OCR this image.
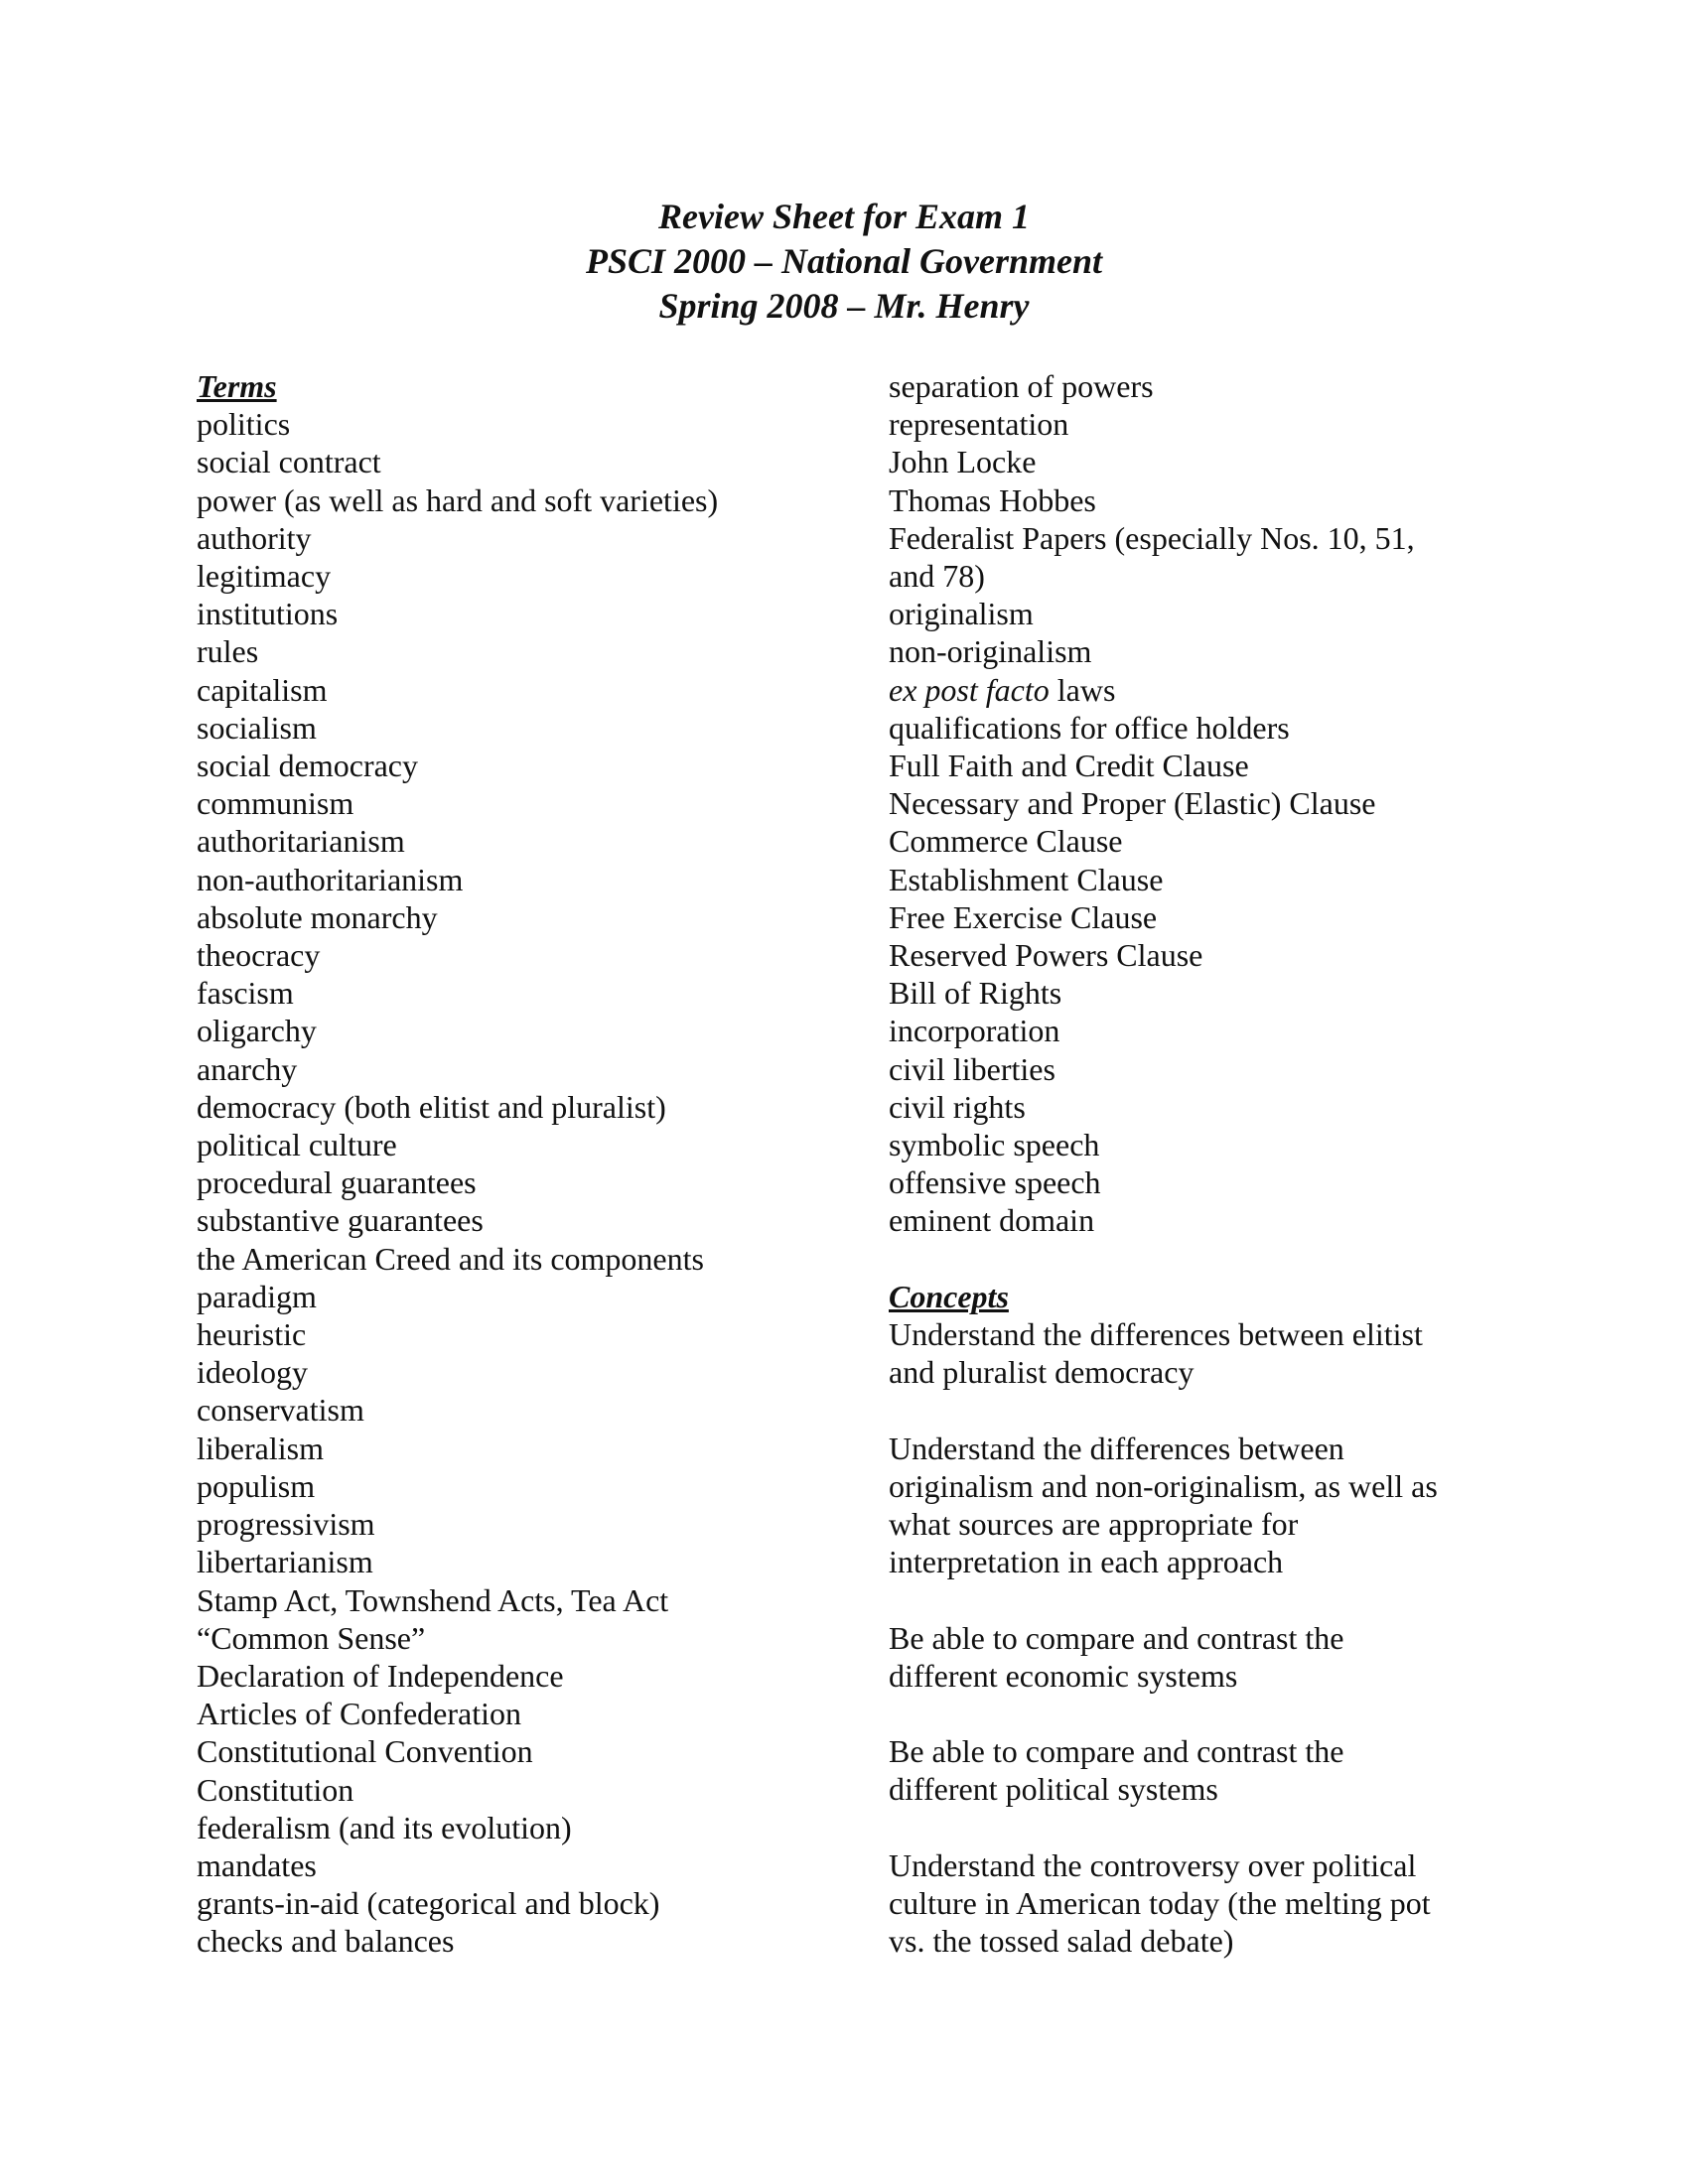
Review Sheet for Exam 1
PSCI 2000 – National Government
Spring 2008 – Mr. Henry
Terms
politics
social contract
power (as well as hard and soft varieties)
authority
legitimacy
institutions
rules
capitalism
socialism
social democracy
communism
authoritarianism
non-authoritarianism
absolute monarchy
theocracy
fascism
oligarchy
anarchy
democracy (both elitist and pluralist)
political culture
procedural guarantees
substantive guarantees
the American Creed and its components
paradigm
heuristic
ideology
conservatism
liberalism
populism
progressivism
libertarianism
Stamp Act, Townshend Acts, Tea Act
“Common Sense”
Declaration of Independence
Articles of Confederation
Constitutional Convention
Constitution
federalism (and its evolution)
mandates
grants-in-aid (categorical and block)
checks and balances
separation of powers
representation
John Locke
Thomas Hobbes
Federalist Papers (especially Nos. 10, 51,
and 78)
originalism
non-originalism
ex post facto laws
qualifications for office holders
Full Faith and Credit Clause
Necessary and Proper (Elastic) Clause
Commerce Clause
Establishment Clause
Free Exercise Clause
Reserved Powers Clause
Bill of Rights
incorporation
civil liberties
civil rights
symbolic speech
offensive speech
eminent domain
Concepts
Understand the differences between elitist
and pluralist democracy
Understand the differences between
originalism and non-originalism, as well as
what sources are appropriate for
interpretation in each approach
Be able to compare and contrast the
different economic systems
Be able to compare and contrast the
different political systems
Understand the controversy over political
culture in American today (the melting pot
vs. the tossed salad debate)
